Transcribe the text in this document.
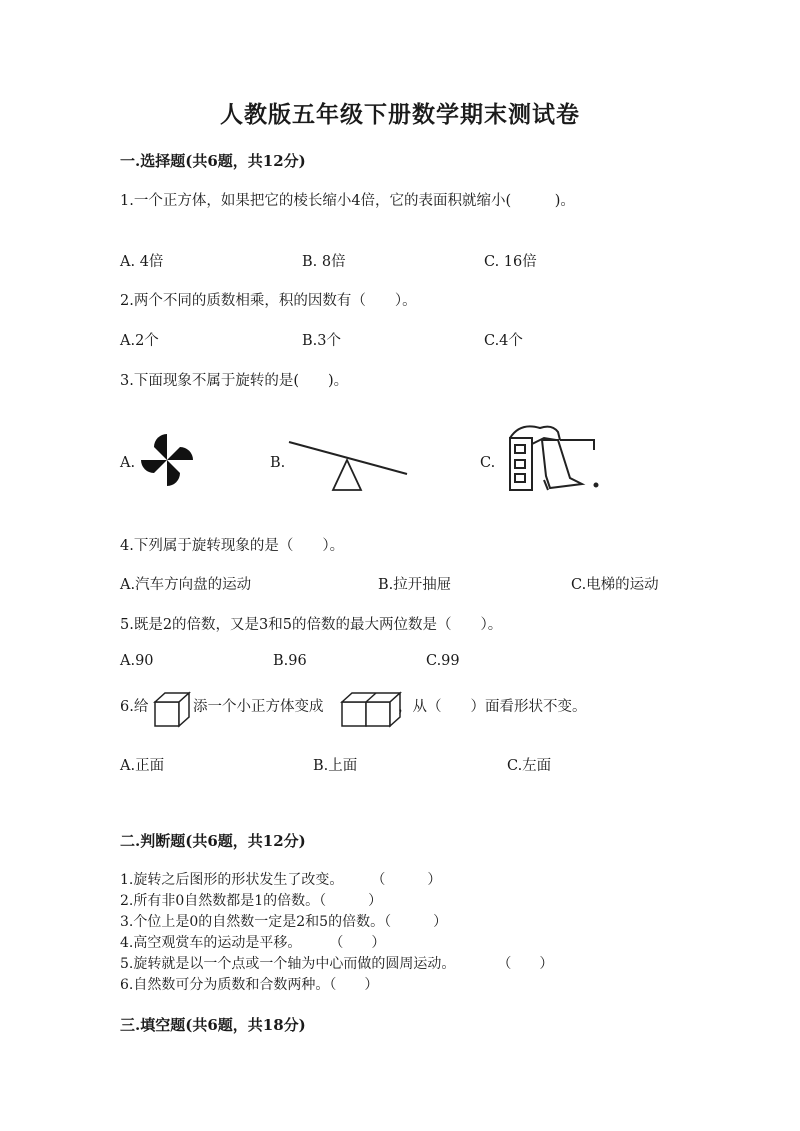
人教版五年级下册数学期末测试卷
一.选择题(共6题，共12分)
1.一个正方体，如果把它的棱长缩小4倍，它的表面积就缩小(　　　)。
A. 4倍	B. 8倍	C. 16倍
2.两个不同的质数相乘，积的因数有（　　）。
A.2个	B.3个	C.4个
3.下面现象不属于旋转的是(　　)。
A.	B.	C.
4.下列属于旋转现象的是（　　）。
A.汽车方向盘的运动	B.拉开抽屉	C.电梯的运动
5.既是2的倍数，又是3和5的倍数的最大两位数是（　　）。
A.90	B.96	C.99
6.给	添一个小正方体变成	，从（　　）面看形状不变。
A.正面	B.上面	C.左面
二.判断题(共6题，共12分)
1.旋转之后图形的形状发生了改变。　　　（　　　）
2.所有非0自然数都是1的倍数。（　　　）
3.个位上是0的自然数一定是2和5的倍数。（　　　）
4.高空观赏车的运动是平移。　　　（　　）
5.旋转就是以一个点或一个轴为中心而做的圆周运动。　　　　（　　）
6.自然数可分为质数和合数两种。（　　）
三.填空题(共6题，共18分)
